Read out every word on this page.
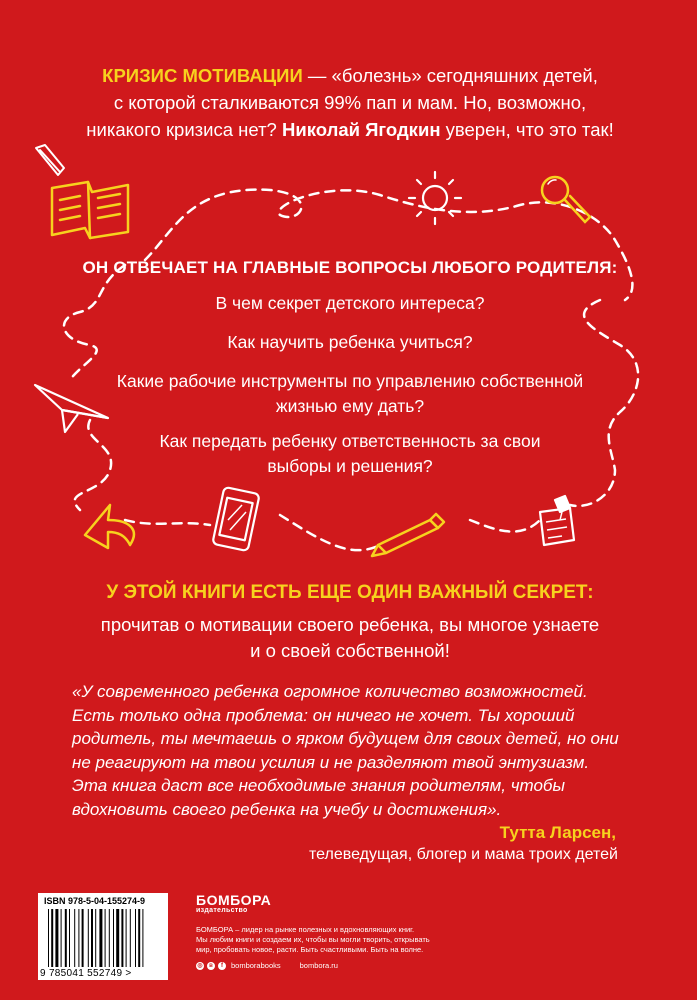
КРИЗИС МОТИВАЦИИ — «болезнь» сегодняшних детей,
с которой сталкиваются 99% пап и мам. Но, возможно,
никакого кризиса нет? Николай Ягодкин уверен, что это так!
ОН ОТВЕЧАЕТ НА ГЛАВНЫЕ ВОПРОСЫ ЛЮБОГО РОДИТЕЛЯ:
В чем секрет детского интереса?
Как научить ребенка учиться?
Какие рабочие инструменты по управлению собственной
жизнью ему дать?
Как передать ребенку ответственность за свои
выборы и решения?
У ЭТОЙ КНИГИ ЕСТЬ ЕЩЕ ОДИН ВАЖНЫЙ СЕКРЕТ:
прочитав о мотивации своего ребенка, вы многое узнаете
и о своей собственной!
«У современного ребенка огромное количество возможностей.
Есть только одна проблема: он ничего не хочет. Ты хороший
родитель, ты мечтаешь о ярком будущем для своих детей, но они
не реагируют на твои усилия и не разделяют твой энтузиазм.
Эта книга даст все необходимые знания родителям, чтобы
вдохновить своего ребенка на учебу и достижения».
Тутта Ларсен,
телеведущая, блогер и мама троих детей
ISBN 978-5-04-155274-9
9 785041 552749 >
БОМБОРА
издательство
БОМБОРА – лидер на рынке полезных и вдохновляющих книг.
Мы любим книги и создаем их, чтобы вы могли творить, открывать
мир, пробовать новое, расти. Быть счастливыми. Быть на волне.
◎	в	f	bomborabooks	bombora.ru
